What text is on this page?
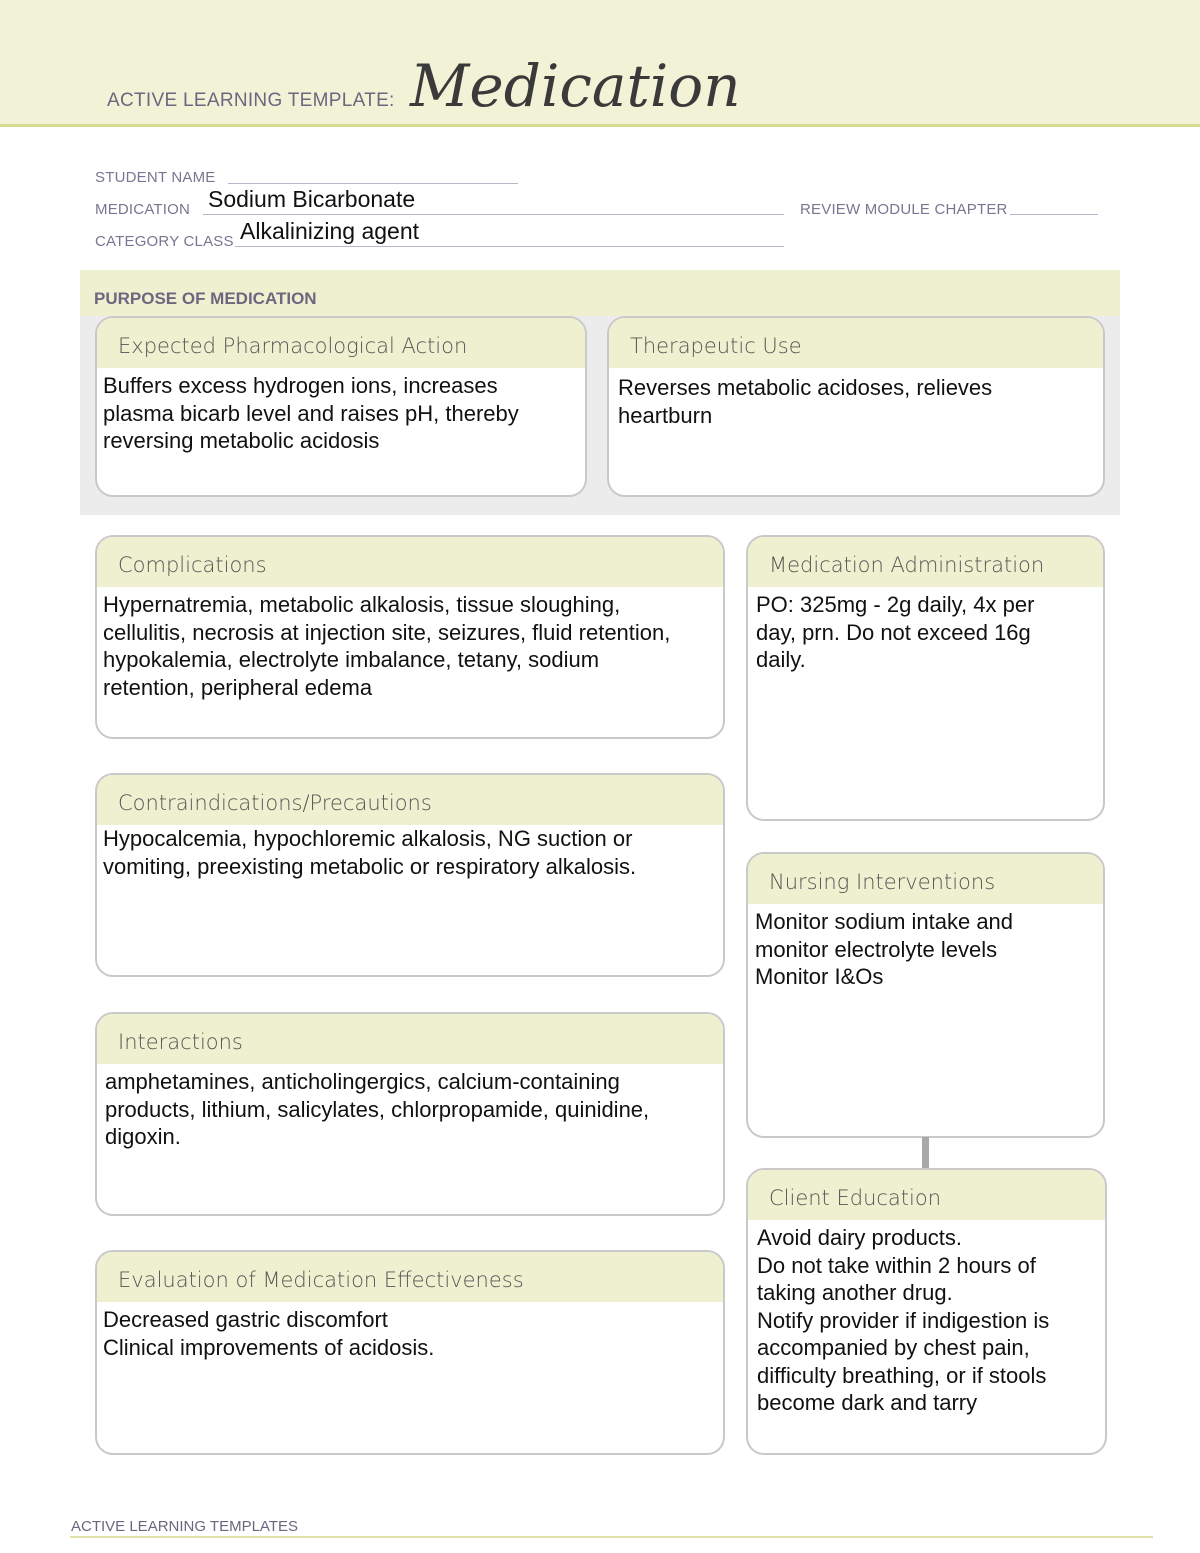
ACTIVE LEARNING TEMPLATE: Medication
STUDENT NAME
MEDICATION Sodium Bicarbonate	REVIEW MODULE CHAPTER
CATEGORY CLASS Alkalinizing agent
PURPOSE OF MEDICATION
Expected Pharmacological Action
Buffers excess hydrogen ions, increases
plasma bicarb level and raises pH, thereby
reversing metabolic acidosis
Therapeutic Use
Reverses metabolic acidoses, relieves
heartburn
Complications
Hypernatremia, metabolic alkalosis, tissue sloughing,
cellulitis, necrosis at injection site, seizures, fluid retention,
hypokalemia, electrolyte imbalance, tetany, sodium
retention, peripheral edema
Contraindications/Precautions
Hypocalcemia, hypochloremic alkalosis, NG suction or
vomiting, preexisting metabolic or respiratory alkalosis.
Interactions
amphetamines, anticholingergics, calcium-containing
products, lithium, salicylates, chlorpropamide, quinidine,
digoxin.
Evaluation of Medication Effectiveness
Decreased gastric discomfort
Clinical improvements of acidosis.
Medication Administration
PO: 325mg - 2g daily, 4x per
day, prn. Do not exceed 16g
daily.
Nursing Interventions
Monitor sodium intake and
monitor electrolyte levels
Monitor I&Os
Client Education
Avoid dairy products.
Do not take within 2 hours of
taking another drug.
Notify provider if indigestion is
accompanied by chest pain,
difficulty breathing, or if stools
become dark and tarry
ACTIVE LEARNING TEMPLATES
